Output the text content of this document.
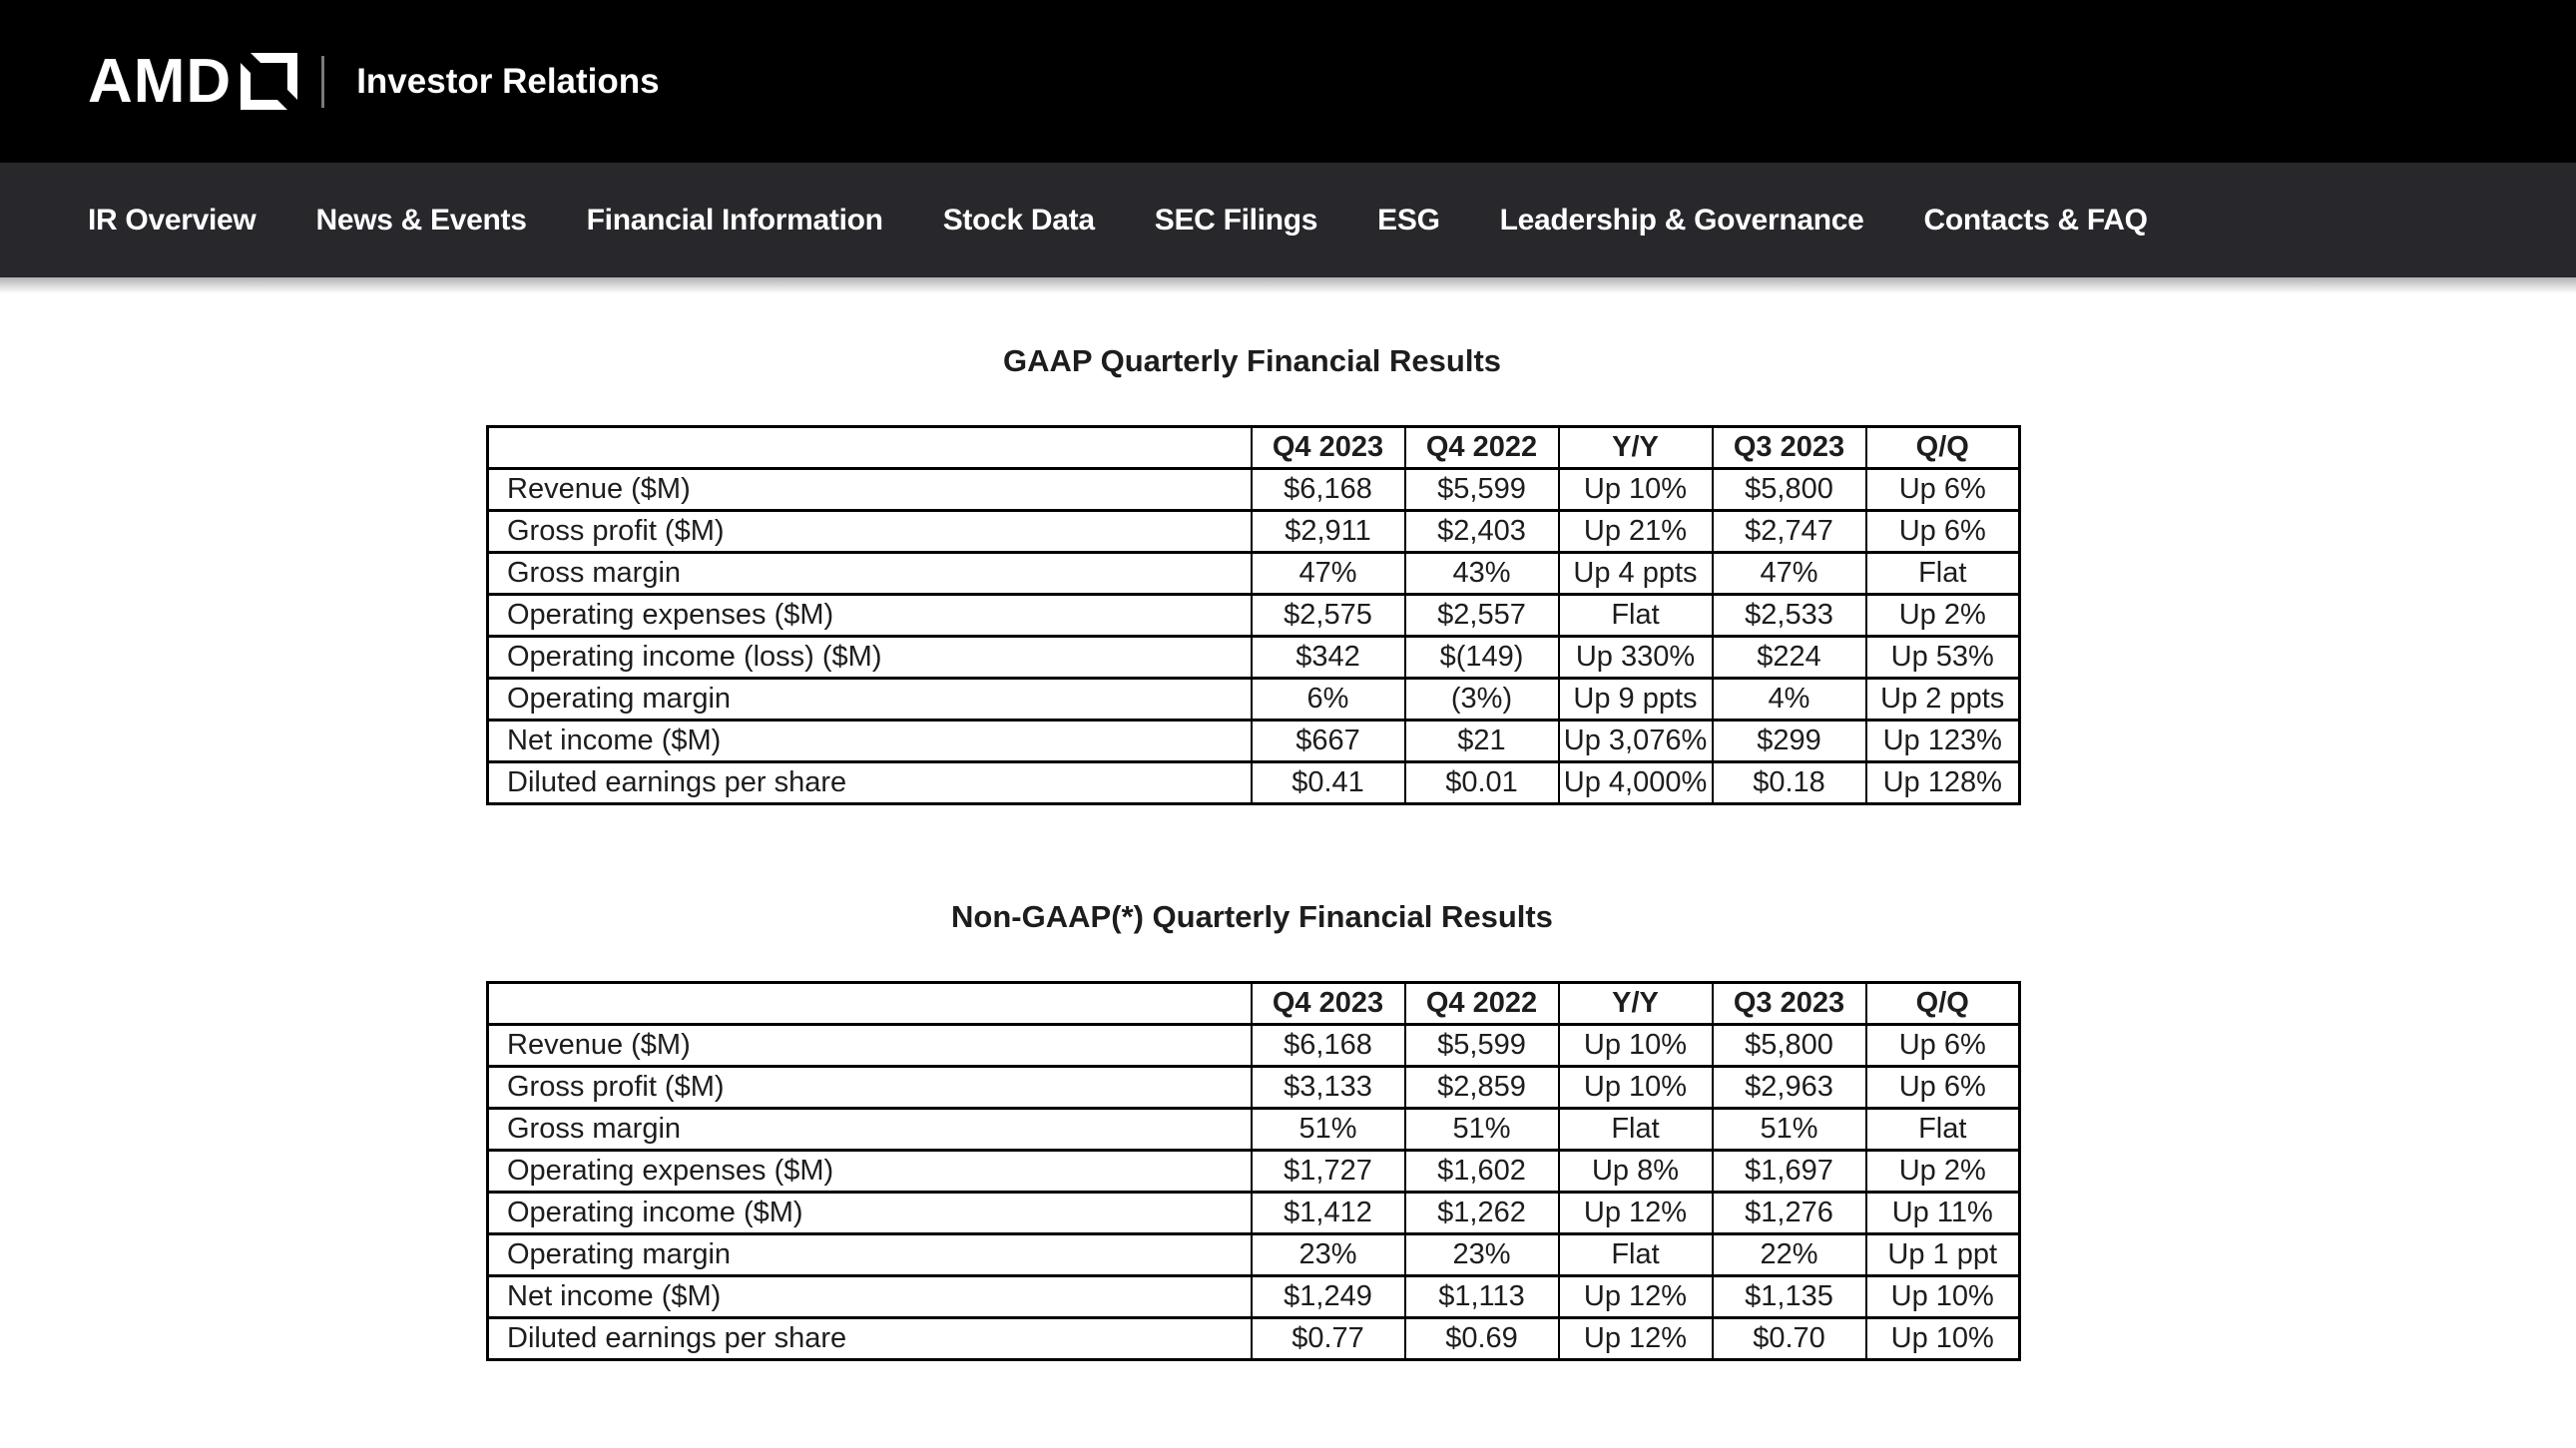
AMD	Investor Relations
IR Overview News & Events Financial Information Stock Data SEC Filings ESG Leadership & Governance Contacts & FAQ
GAAP Quarterly Financial Results
	Q4 2023	Q4 2022	Y/Y	Q3 2023	Q/Q
Revenue ($M)	$6,168	$5,599	Up 10%	$5,800	Up 6%
Gross profit ($M)	$2,911	$2,403	Up 21%	$2,747	Up 6%
Gross margin	47%	43%	Up 4 ppts	47%	Flat
Operating expenses ($M)	$2,575	$2,557	Flat	$2,533	Up 2%
Operating income (loss) ($M)	$342	$(149)	Up 330%	$224	Up 53%
Operating margin	6%	(3%)	Up 9 ppts	4%	Up 2 ppts
Net income ($M)	$667	$21	Up 3,076%	$299	Up 123%
Diluted earnings per share	$0.41	$0.01	Up 4,000%	$0.18	Up 128%
Non-GAAP(*) Quarterly Financial Results
	Q4 2023	Q4 2022	Y/Y	Q3 2023	Q/Q
Revenue ($M)	$6,168	$5,599	Up 10%	$5,800	Up 6%
Gross profit ($M)	$3,133	$2,859	Up 10%	$2,963	Up 6%
Gross margin	51%	51%	Flat	51%	Flat
Operating expenses ($M)	$1,727	$1,602	Up 8%	$1,697	Up 2%
Operating income ($M)	$1,412	$1,262	Up 12%	$1,276	Up 11%
Operating margin	23%	23%	Flat	22%	Up 1 ppt
Net income ($M)	$1,249	$1,113	Up 12%	$1,135	Up 10%
Diluted earnings per share	$0.77	$0.69	Up 12%	$0.70	Up 10%
